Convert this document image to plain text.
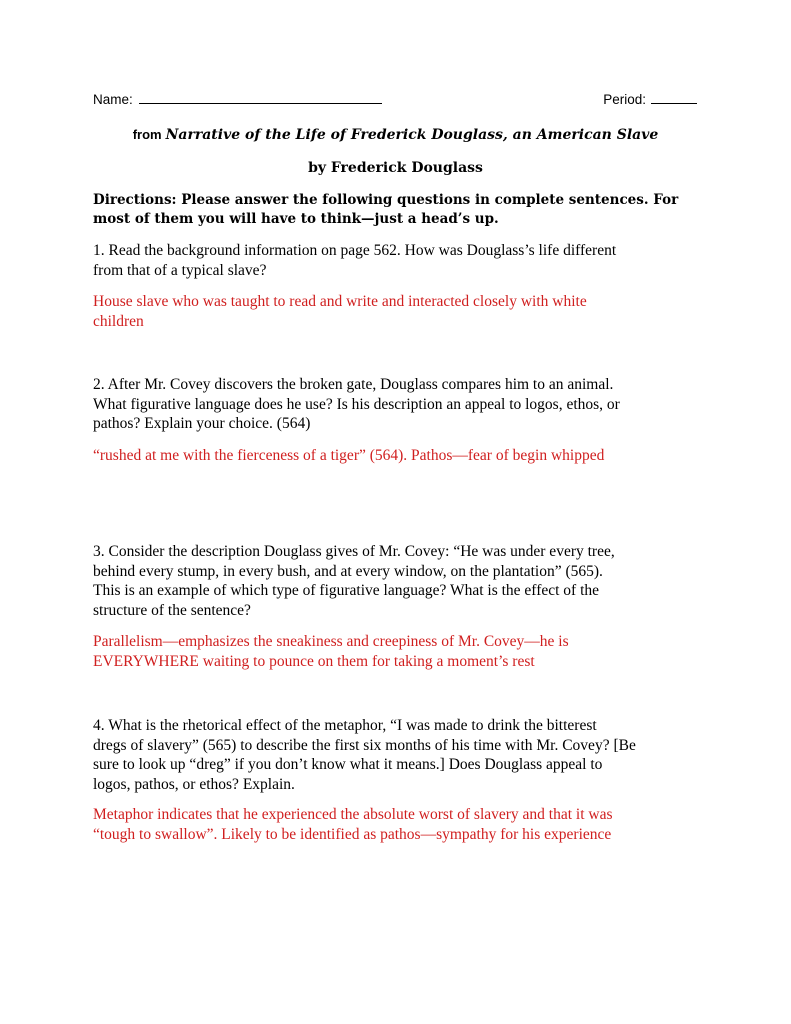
Name:	Period:
from Narrative of the Life of Frederick Douglass, an American Slave
by Frederick Douglass

Directions: Please answer the following questions in complete sentences. For

most of them you will have to think—just a head’s up.

1. Read the background information on page 562. How was Douglass’s life different

from that of a typical slave?

House slave who was taught to read and write and interacted closely with white

children

2. After Mr. Covey discovers the broken gate, Douglass compares him to an animal.

What figurative language does he use? Is his description an appeal to logos, ethos, or

pathos? Explain your choice. (564)

“rushed at me with the fierceness of a tiger” (564). Pathos—fear of begin whipped

3. Consider the description Douglass gives of Mr. Covey: “He was under every tree,

behind every stump, in every bush, and at every window, on the plantation” (565).

This is an example of which type of figurative language? What is the effect of the

structure of the sentence?

Parallelism—emphasizes the sneakiness and creepiness of Mr. Covey—he is

EVERYWHERE waiting to pounce on them for taking a moment’s rest

4. What is the rhetorical effect of the metaphor, “I was made to drink the bitterest

dregs of slavery” (565) to describe the first six months of his time with Mr. Covey? [Be

sure to look up “dreg” if you don’t know what it means.] Does Douglass appeal to

logos, pathos, or ethos? Explain.

Metaphor indicates that he experienced the absolute worst of slavery and that it was

“tough to swallow”. Likely to be identified as pathos—sympathy for his experience
